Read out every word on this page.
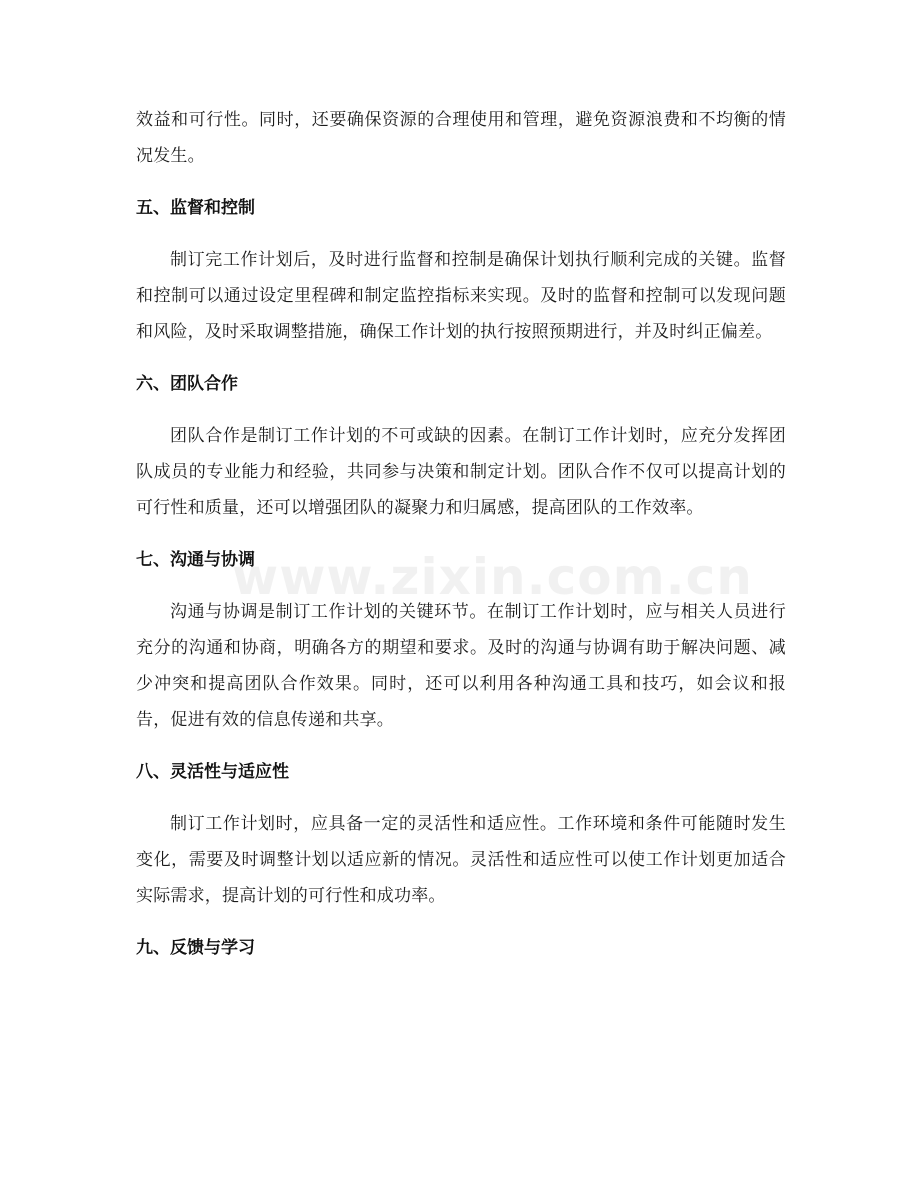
效益和可行性。同时，还要确保资源的合理使用和管理，避免资源浪费和不均衡的情况发生。

五、监督和控制

制订完工作计划后，及时进行监督和控制是确保计划执行顺利完成的关键。监督和控制可以通过设定里程碑和制定监控指标来实现。及时的监督和控制可以发现问题和风险，及时采取调整措施，确保工作计划的执行按照预期进行，并及时纠正偏差。

六、团队合作

团队合作是制订工作计划的不可或缺的因素。在制订工作计划时，应充分发挥团队成员的专业能力和经验，共同参与决策和制定计划。团队合作不仅可以提高计划的可行性和质量，还可以增强团队的凝聚力和归属感，提高团队的工作效率。

七、沟通与协调

沟通与协调是制订工作计划的关键环节。在制订工作计划时，应与相关人员进行充分的沟通和协商，明确各方的期望和要求。及时的沟通与协调有助于解决问题、减少冲突和提高团队合作效果。同时，还可以利用各种沟通工具和技巧，如会议和报告，促进有效的信息传递和共享。

八、灵活性与适应性

制订工作计划时，应具备一定的灵活性和适应性。工作环境和条件可能随时发生变化，需要及时调整计划以适应新的情况。灵活性和适应性可以使工作计划更加适合实际需求，提高计划的可行性和成功率。

九、反馈与学习
www.zixin.com.cn
